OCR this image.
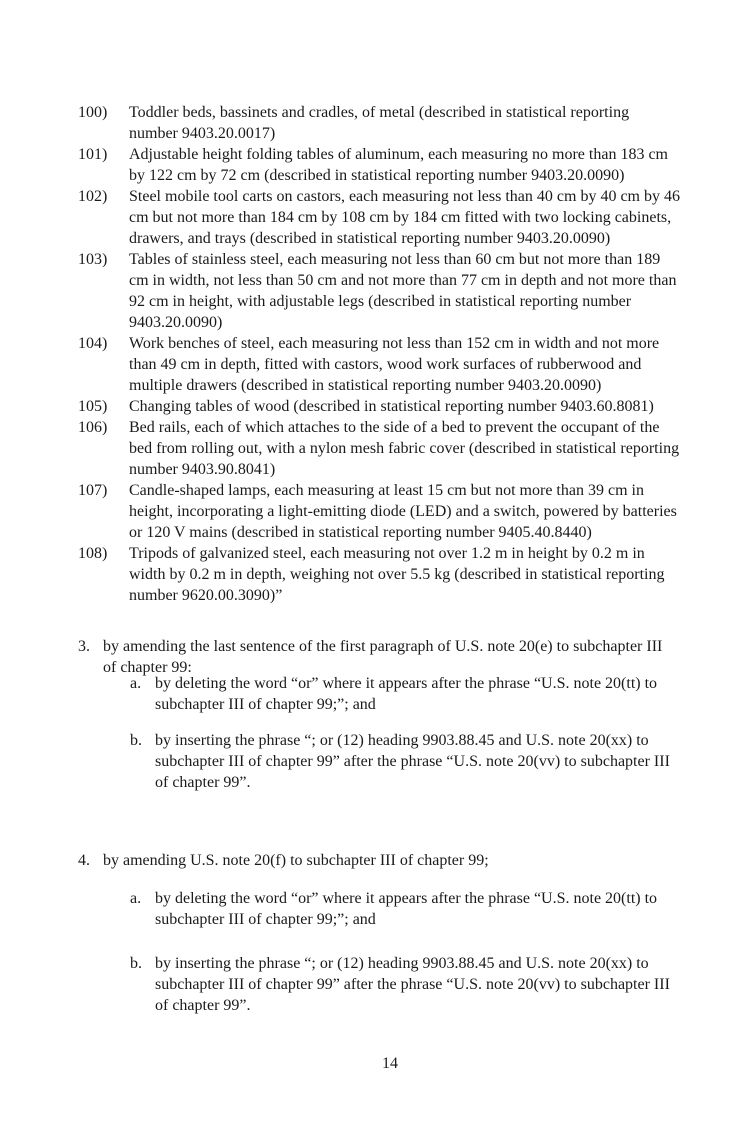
100) Toddler beds, bassinets and cradles, of metal (described in statistical reporting
number 9403.20.0017)
101) Adjustable height folding tables of aluminum, each measuring no more than 183 cm
by 122 cm by 72 cm (described in statistical reporting number 9403.20.0090)
102) Steel mobile tool carts on castors, each measuring not less than 40 cm by 40 cm by 46
cm but not more than 184 cm by 108 cm by 184 cm fitted with two locking cabinets,
drawers, and trays (described in statistical reporting number 9403.20.0090)
103) Tables of stainless steel, each measuring not less than 60 cm but not more than 189
cm in width, not less than 50 cm and not more than 77 cm in depth and not more than
92 cm in height, with adjustable legs (described in statistical reporting number
9403.20.0090)
104) Work benches of steel, each measuring not less than 152 cm in width and not more
than 49 cm in depth, fitted with castors, wood work surfaces of rubberwood and
multiple drawers (described in statistical reporting number 9403.20.0090)
105) Changing tables of wood (described in statistical reporting number 9403.60.8081)
106) Bed rails, each of which attaches to the side of a bed to prevent the occupant of the
bed from rolling out, with a nylon mesh fabric cover (described in statistical reporting
number 9403.90.8041)
107) Candle-shaped lamps, each measuring at least 15 cm but not more than 39 cm in
height, incorporating a light-emitting diode (LED) and a switch, powered by batteries
or 120 V mains (described in statistical reporting number 9405.40.8440)
108) Tripods of galvanized steel, each measuring not over 1.2 m in height by 0.2 m in
width by 0.2 m in depth, weighing not over 5.5 kg (described in statistical reporting
number 9620.00.3090)”
3. by amending the last sentence of the first paragraph of U.S. note 20(e) to subchapter III
of chapter 99:
a. by deleting the word “or” where it appears after the phrase “U.S. note 20(tt) to
subchapter III of chapter 99;”; and
b. by inserting the phrase “; or (12) heading 9903.88.45 and U.S. note 20(xx) to
subchapter III of chapter 99” after the phrase “U.S. note 20(vv) to subchapter III
of chapter 99”.
4. by amending U.S. note 20(f) to subchapter III of chapter 99;
a. by deleting the word “or” where it appears after the phrase “U.S. note 20(tt) to
subchapter III of chapter 99;”; and
b. by inserting the phrase “; or (12) heading 9903.88.45 and U.S. note 20(xx) to
subchapter III of chapter 99” after the phrase “U.S. note 20(vv) to subchapter III
of chapter 99”.
14
